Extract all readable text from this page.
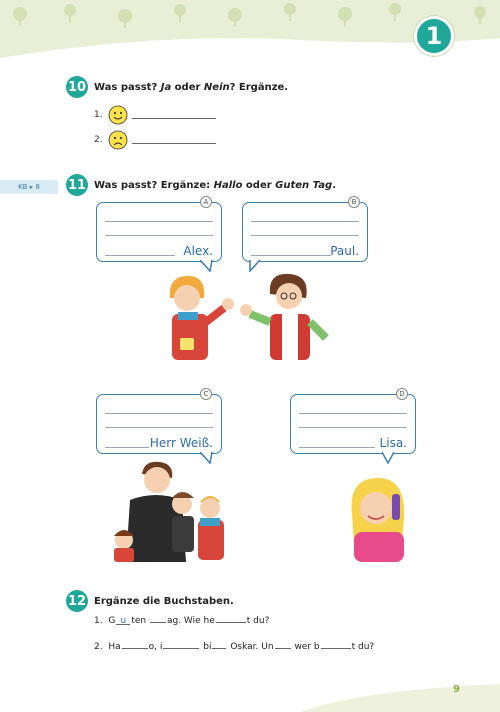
1
10 Was passt? Ja oder Nein? Ergänze.
1.
2.
KB ▸ 8	11 Was passt? Ergänze: Hallo oder Guten Tag.
Alex.
A
Paul.
B
Herr Weiß.
C
Lisa.
D
12 Ergänze die Buchstaben.
1. G u ten ag. Wie he	t du?
2. Ha	o, i	bi Oskar. Un wer b	t du?
9
